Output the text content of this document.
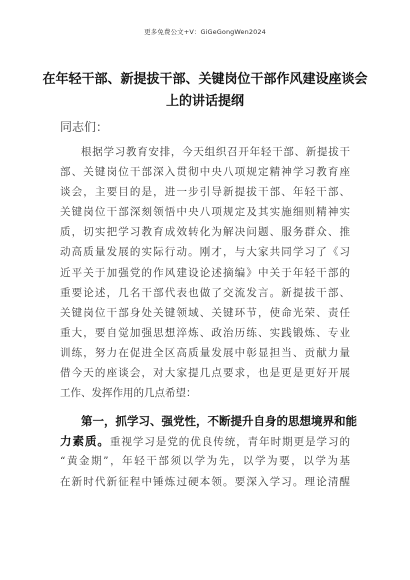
更多免费公文+V：GiGeGongWen2024
在年轻干部、新提拔干部、关键岗位干部作风建设座谈会
上的讲话提纲
同志们：
根据学习教育安排，今天组织召开年轻干部、新提拔干
部、关键岗位干部深入贯彻中央八项规定精神学习教育座
谈会，主要目的是，进一步引导新提拔干部、年轻干部、
关键岗位干部深刻领悟中央八项规定及其实施细则精神实
质，切实把学习教育成效转化为解决问题、服务群众、推
动高质量发展的实际行动。刚才，与大家共同学习了《习
近平关于加强党的作风建设论述摘编》中关于年轻干部的
重要论述，几名干部代表也做了交流发言。新提拔干部、
关键岗位干部身处关键领域、关键环节，使命光荣、责任
重大，要自觉加强思想淬炼、政治历练、实践锻炼、专业
训练，努力在促进全区高质量发展中彰显担当、贡献力量
借今天的座谈会，对大家提几点要求，也是更是更好开展
工作、发挥作用的几点希望：
第一，抓学习、强党性，不断提升自身的思想境界和能
力素质。重视学习是党的优良传统，青年时期更是学习的
“黄金期”，年轻干部须以学为先，以学为要，以学为基
在新时代新征程中锤炼过硬本领。要深入学习。理论清醒
